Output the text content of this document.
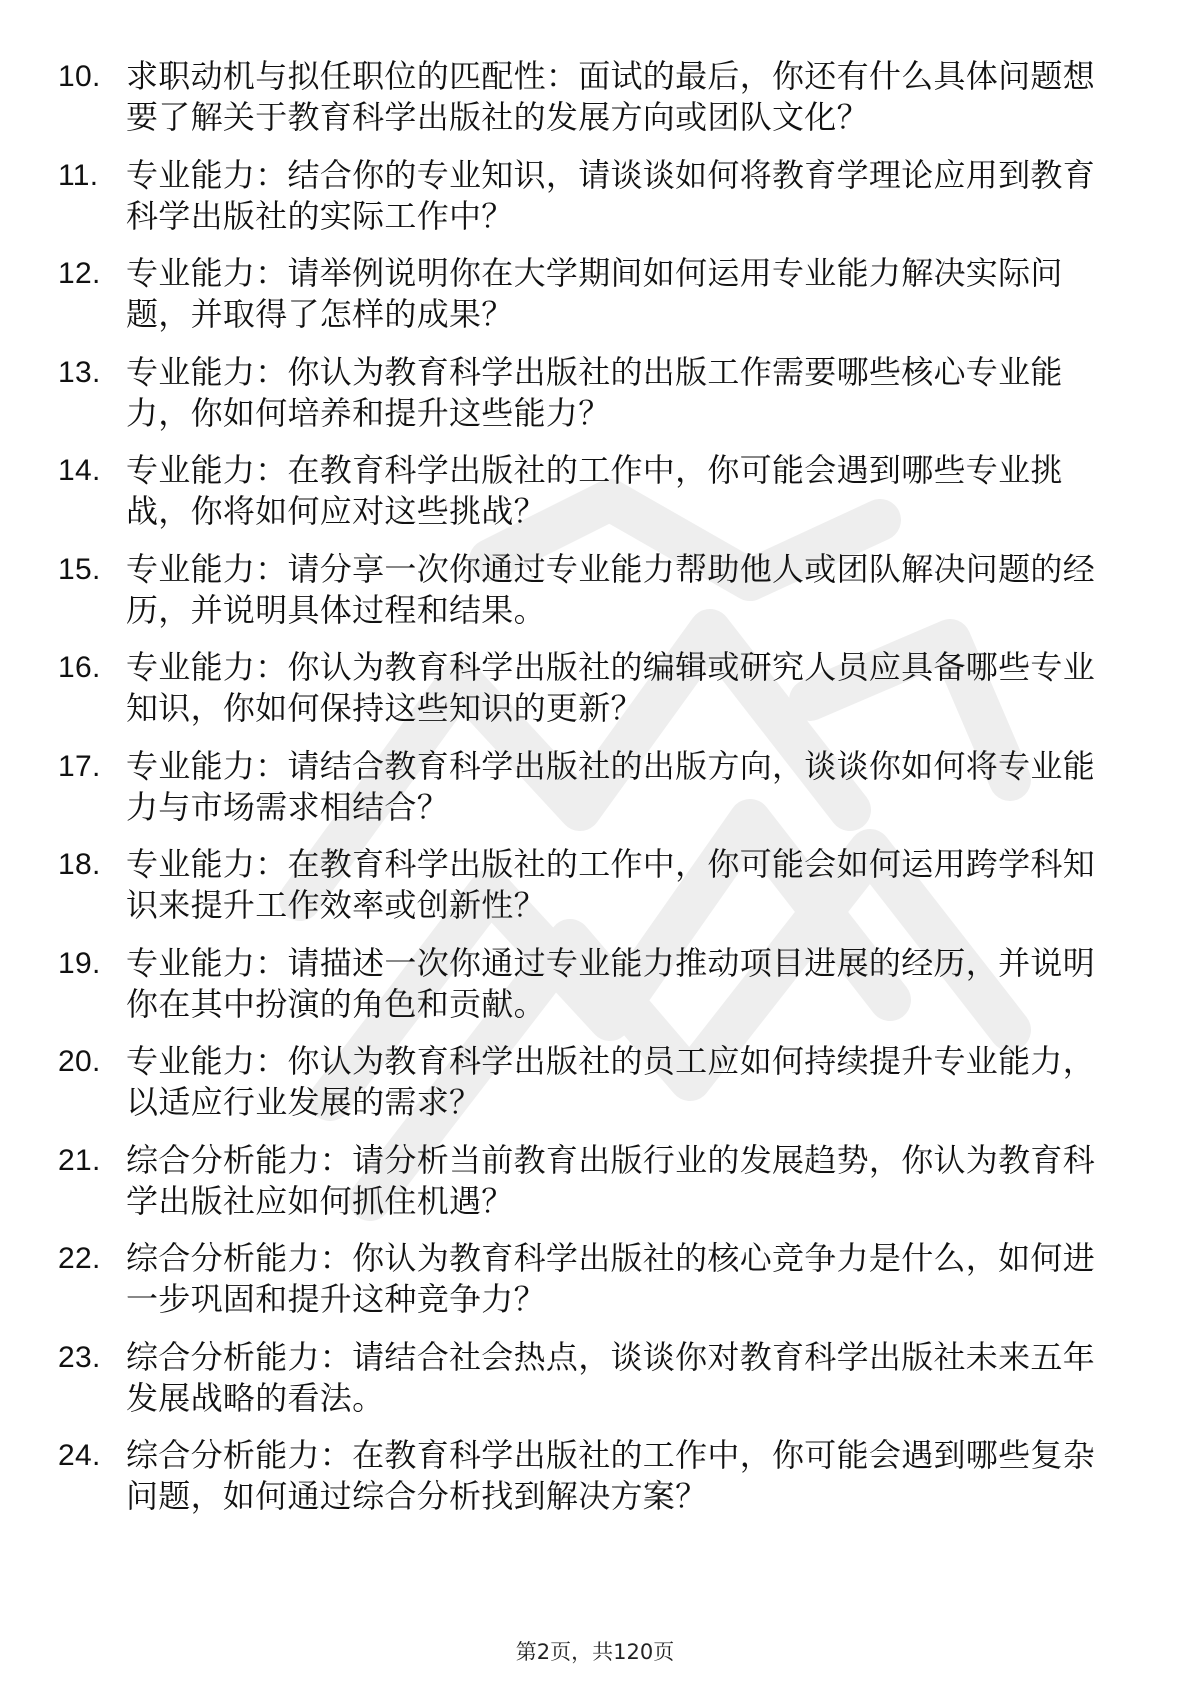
10. 求职动机与拟任职位的匹配性：面试的最后，你还有什么具体问题想要了解关于教育科学出版社的发展方向或团队文化？
11. 专业能力：结合你的专业知识，请谈谈如何将教育学理论应用到教育科学出版社的实际工作中？
12. 专业能力：请举例说明你在大学期间如何运用专业能力解决实际问题，并取得了怎样的成果？
13. 专业能力：你认为教育科学出版社的出版工作需要哪些核心专业能力，你如何培养和提升这些能力？
14. 专业能力：在教育科学出版社的工作中，你可能会遇到哪些专业挑战，你将如何应对这些挑战？
15. 专业能力：请分享一次你通过专业能力帮助他人或团队解决问题的经历，并说明具体过程和结果。
16. 专业能力：你认为教育科学出版社的编辑或研究人员应具备哪些专业知识，你如何保持这些知识的更新？
17. 专业能力：请结合教育科学出版社的出版方向，谈谈你如何将专业能力与市场需求相结合？
18. 专业能力：在教育科学出版社的工作中，你可能会如何运用跨学科知识来提升工作效率或创新性？
19. 专业能力：请描述一次你通过专业能力推动项目进展的经历，并说明你在其中扮演的角色和贡献。
20. 专业能力：你认为教育科学出版社的员工应如何持续提升专业能力，以适应行业发展的需求？
21. 综合分析能力：请分析当前教育出版行业的发展趋势，你认为教育科学出版社应如何抓住机遇？
22. 综合分析能力：你认为教育科学出版社的核心竞争力是什么，如何进一步巩固和提升这种竞争力？
23. 综合分析能力：请结合社会热点，谈谈你对教育科学出版社未来五年发展战略的看法。
24. 综合分析能力：在教育科学出版社的工作中，你可能会遇到哪些复杂问题，如何通过综合分析找到解决方案？
第2页，共120页
